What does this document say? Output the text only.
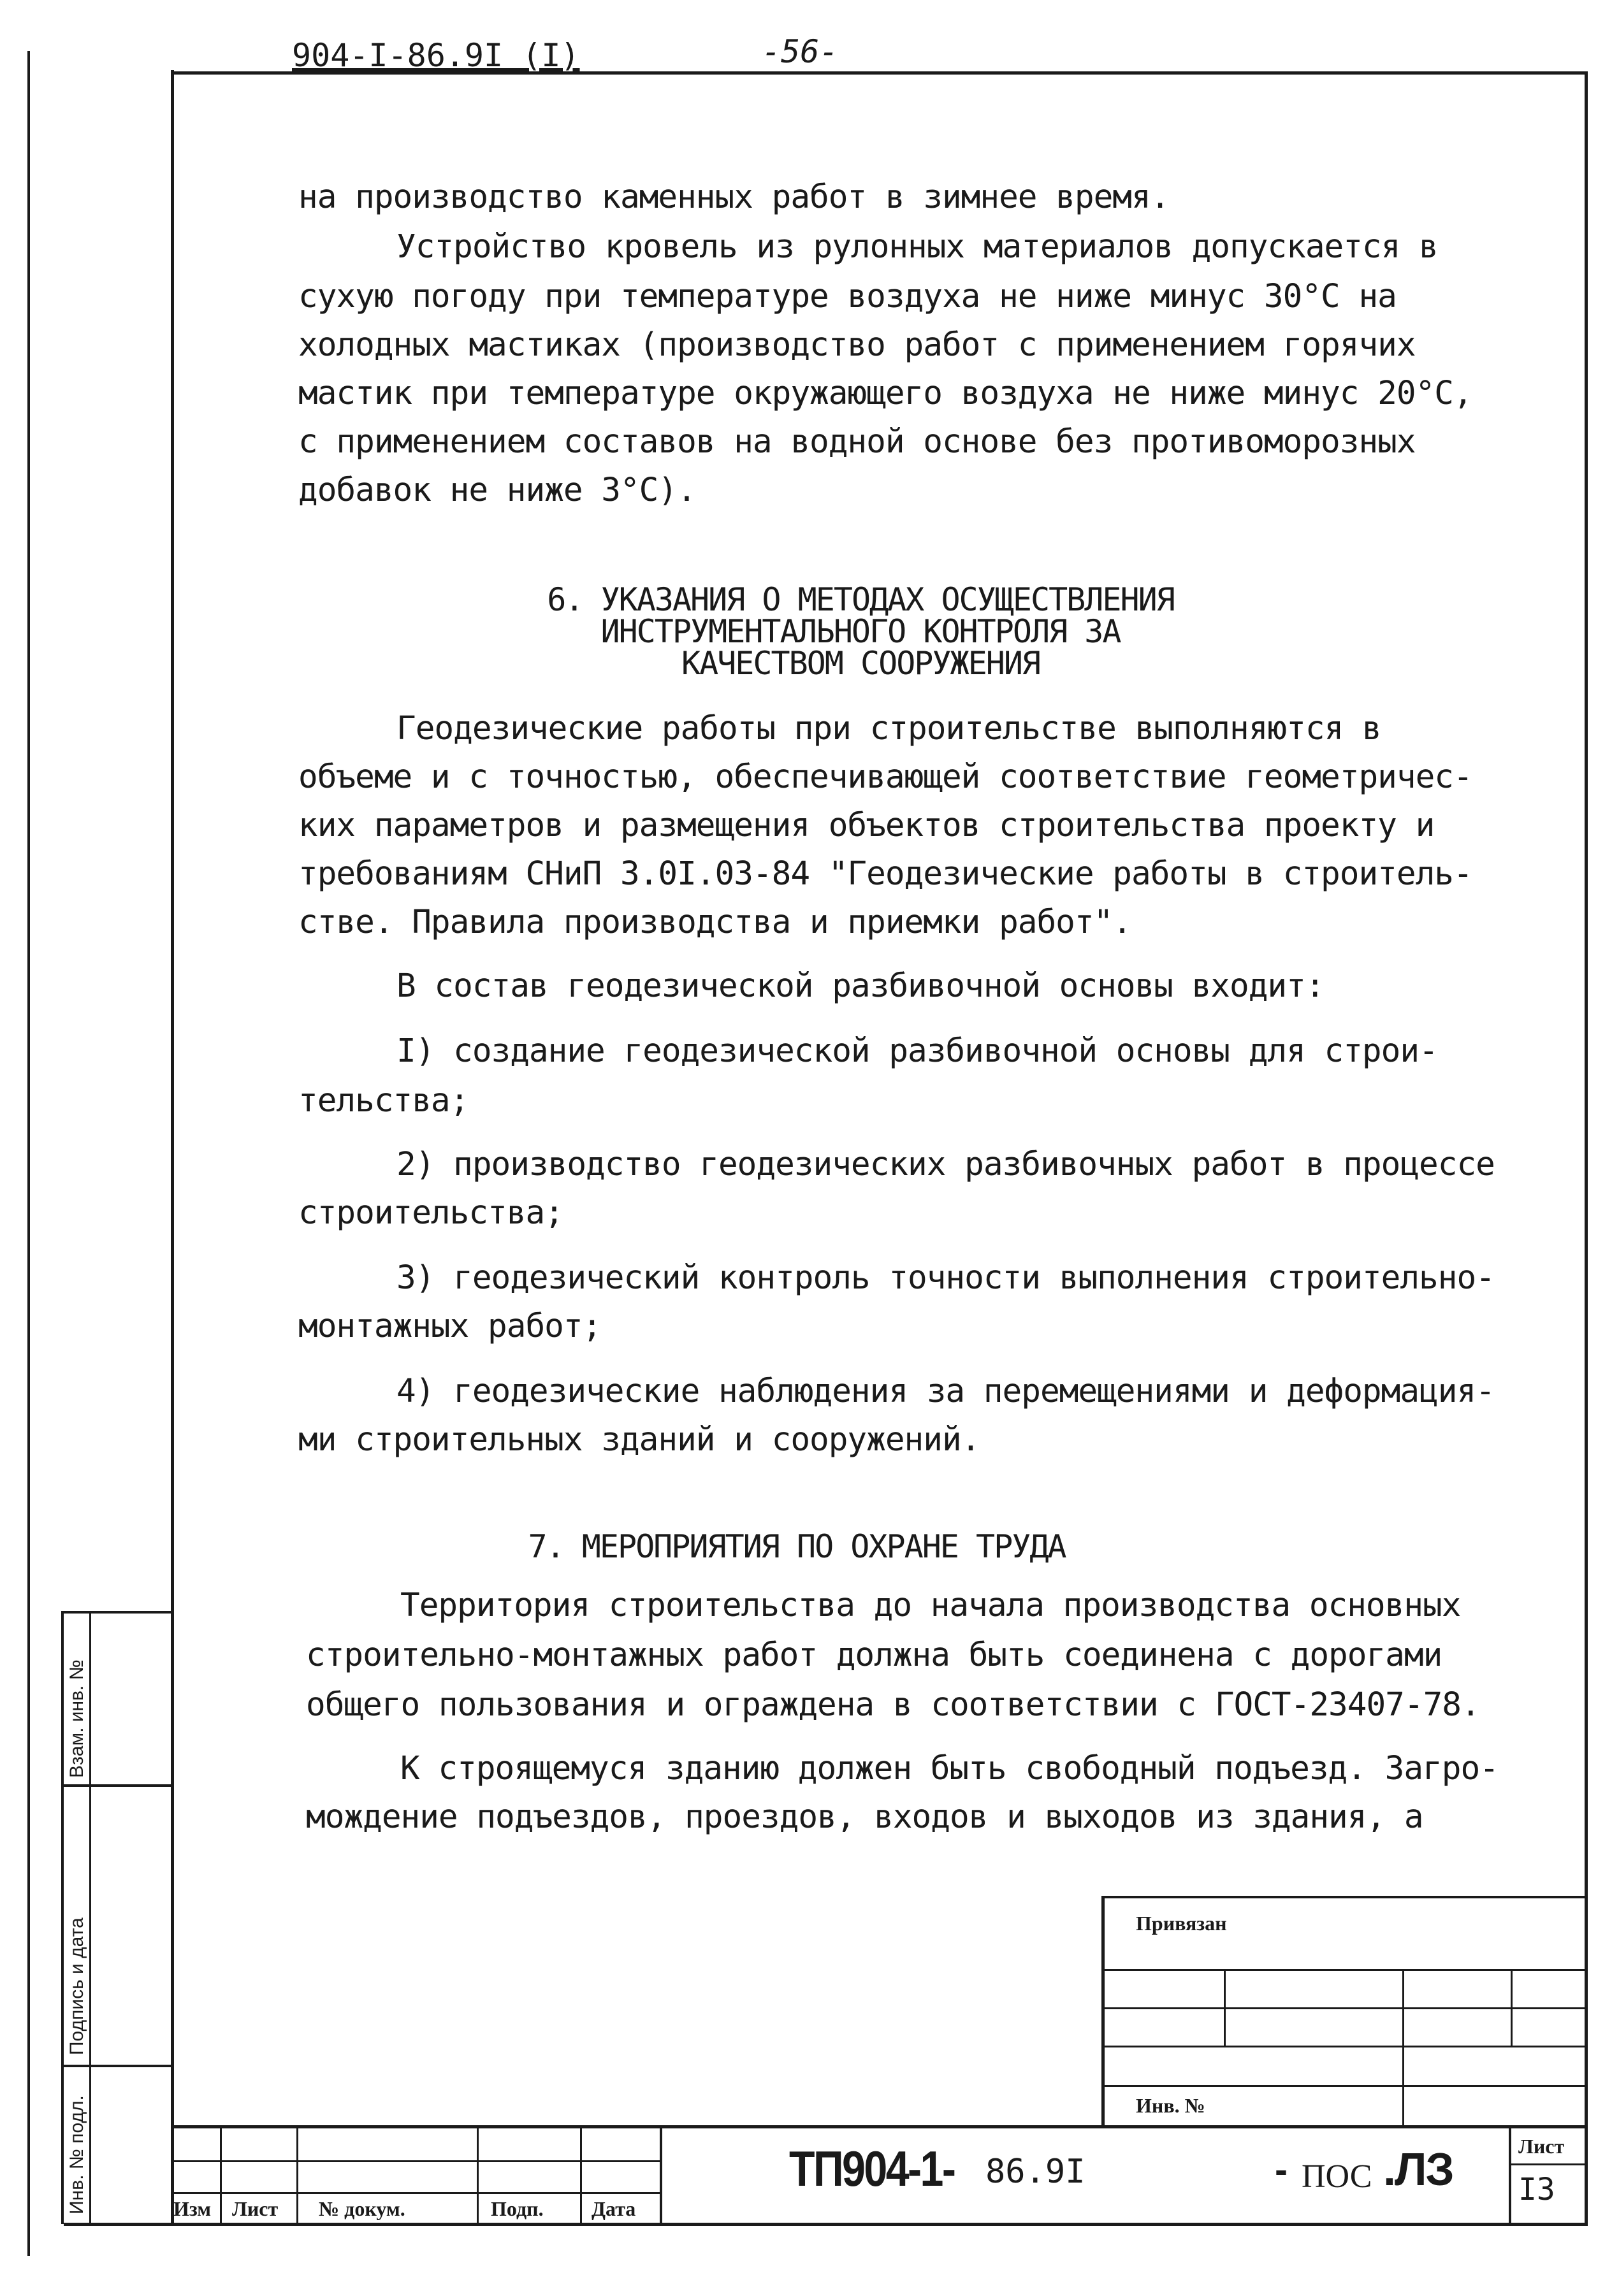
904-I-86.9I (I)	-56-
на производство каменных работ в зимнее время.
Устройство кровель из рулонных материалов допускается в
сухую погоду при температуре воздуха не ниже минус 30°С на
холодных мастиках (производство работ с применением горячих
мастик при температуре окружающего воздуха не ниже минус 20°С,
с применением составов на водной основе без противоморозных
добавок не ниже 3°С).
6. УКАЗАНИЯ О МЕТОДАХ ОСУЩЕСТВЛЕНИЯ
ИНСТРУМЕНТАЛЬНОГО КОНТРОЛЯ ЗА
КАЧЕСТВОМ СООРУЖЕНИЯ
Геодезические работы при строительстве выполняются в
объеме и с точностью, обеспечивающей соответствие геометричес-
ких параметров и размещения объектов строительства проекту и
требованиям СНиП 3.0I.03-84 "Геодезические работы в строитель-
стве. Правила производства и приемки работ".
В состав геодезической разбивочной основы входит:
I) создание геодезической разбивочной основы для строи-
тельства;
2) производство геодезических разбивочных работ в процессе
строительства;
3) геодезический контроль точности выполнения строительно-
монтажных работ;
4) геодезические наблюдения за перемещениями и деформация-
ми строительных зданий и сооружений.
7. МЕРОПРИЯТИЯ ПО ОХРАНЕ ТРУДА
Территория строительства до начала производства основных
строительно-монтажных работ должна быть соединена с дорогами
общего пользования и ограждена в соответствии с ГОСТ-23407-78.
К строящемуся зданию должен быть свободный подъезд. Загро-
мождение подъездов, проездов, входов и выходов из здания, а
Взам. инв. №
Подпись и дата
Инв. № подл.
Привязан
Инв. №
Изм Лист № докум.	Подп. Дата
ТП904-1- 86.9I	- ПОС .ЛЗ	Лист
I3
